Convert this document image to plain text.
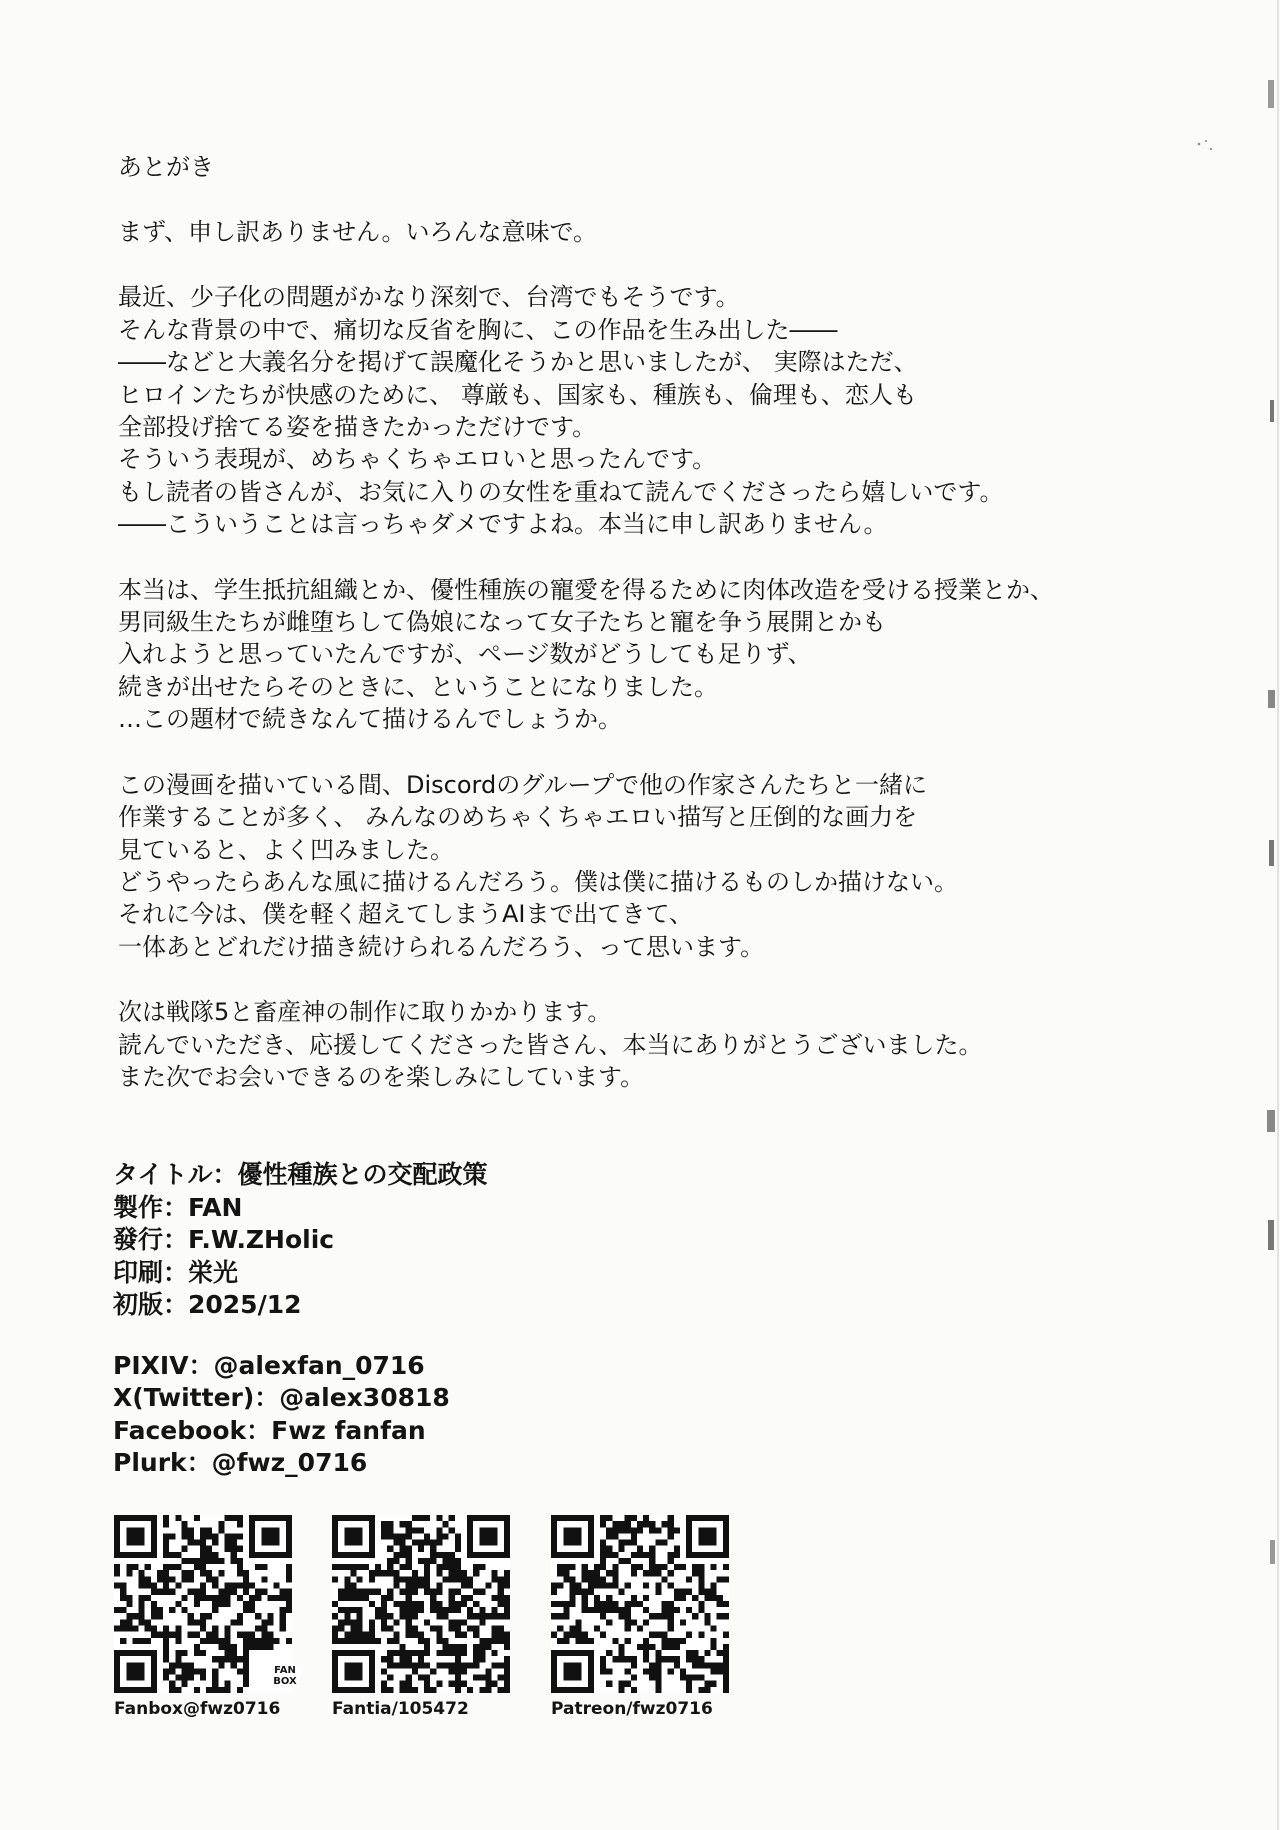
あとがき
まず、申し訳ありません。いろんな意味で。
最近、少子化の問題がかなり深刻で、台湾でもそうです。
そんな背景の中で、痛切な反省を胸に、この作品を生み出した――
――などと大義名分を掲げて誤魔化そうかと思いましたが、 実際はただ、
ヒロインたちが快感のために、 尊厳も、国家も、種族も、倫理も、恋人も
全部投げ捨てる姿を描きたかっただけです。
そういう表現が、めちゃくちゃエロいと思ったんです。
もし読者の皆さんが、お気に入りの女性を重ねて読んでくださったら嬉しいです。
――こういうことは言っちゃダメですよね。本当に申し訳ありません。
本当は、学生抵抗組織とか、優性種族の寵愛を得るために肉体改造を受ける授業とか、
男同級生たちが雌堕ちして偽娘になって女子たちと寵を争う展開とかも
入れようと思っていたんですが、ページ数がどうしても足りず、
続きが出せたらそのときに、ということになりました。
…この題材で続きなんて描けるんでしょうか。
この漫画を描いている間、Discordのグループで他の作家さんたちと一緒に
作業することが多く、 みんなのめちゃくちゃエロい描写と圧倒的な画力を
見ていると、よく凹みました。
どうやったらあんな風に描けるんだろう。僕は僕に描けるものしか描けない。
それに今は、僕を軽く超えてしまうAIまで出てきて、
一体あとどれだけ描き続けられるんだろう、って思います。
次は戦隊5と畜産神の制作に取りかかります。
読んでいただき、応援してくださった皆さん、本当にありがとうございました。
また次でお会いできるのを楽しみにしています。
タイトル：優性種族との交配政策
製作：FAN
發行：F.W.ZHolic
印刷：栄光
初版：2025/12
PIXIV：@alexfan_0716
X(Twitter)：@alex30818
Facebook：Fwz fanfan
Plurk：@fwz_0716
FAN BOX
Fanbox@fwz0716	Fantia/105472	Patreon/fwz0716
